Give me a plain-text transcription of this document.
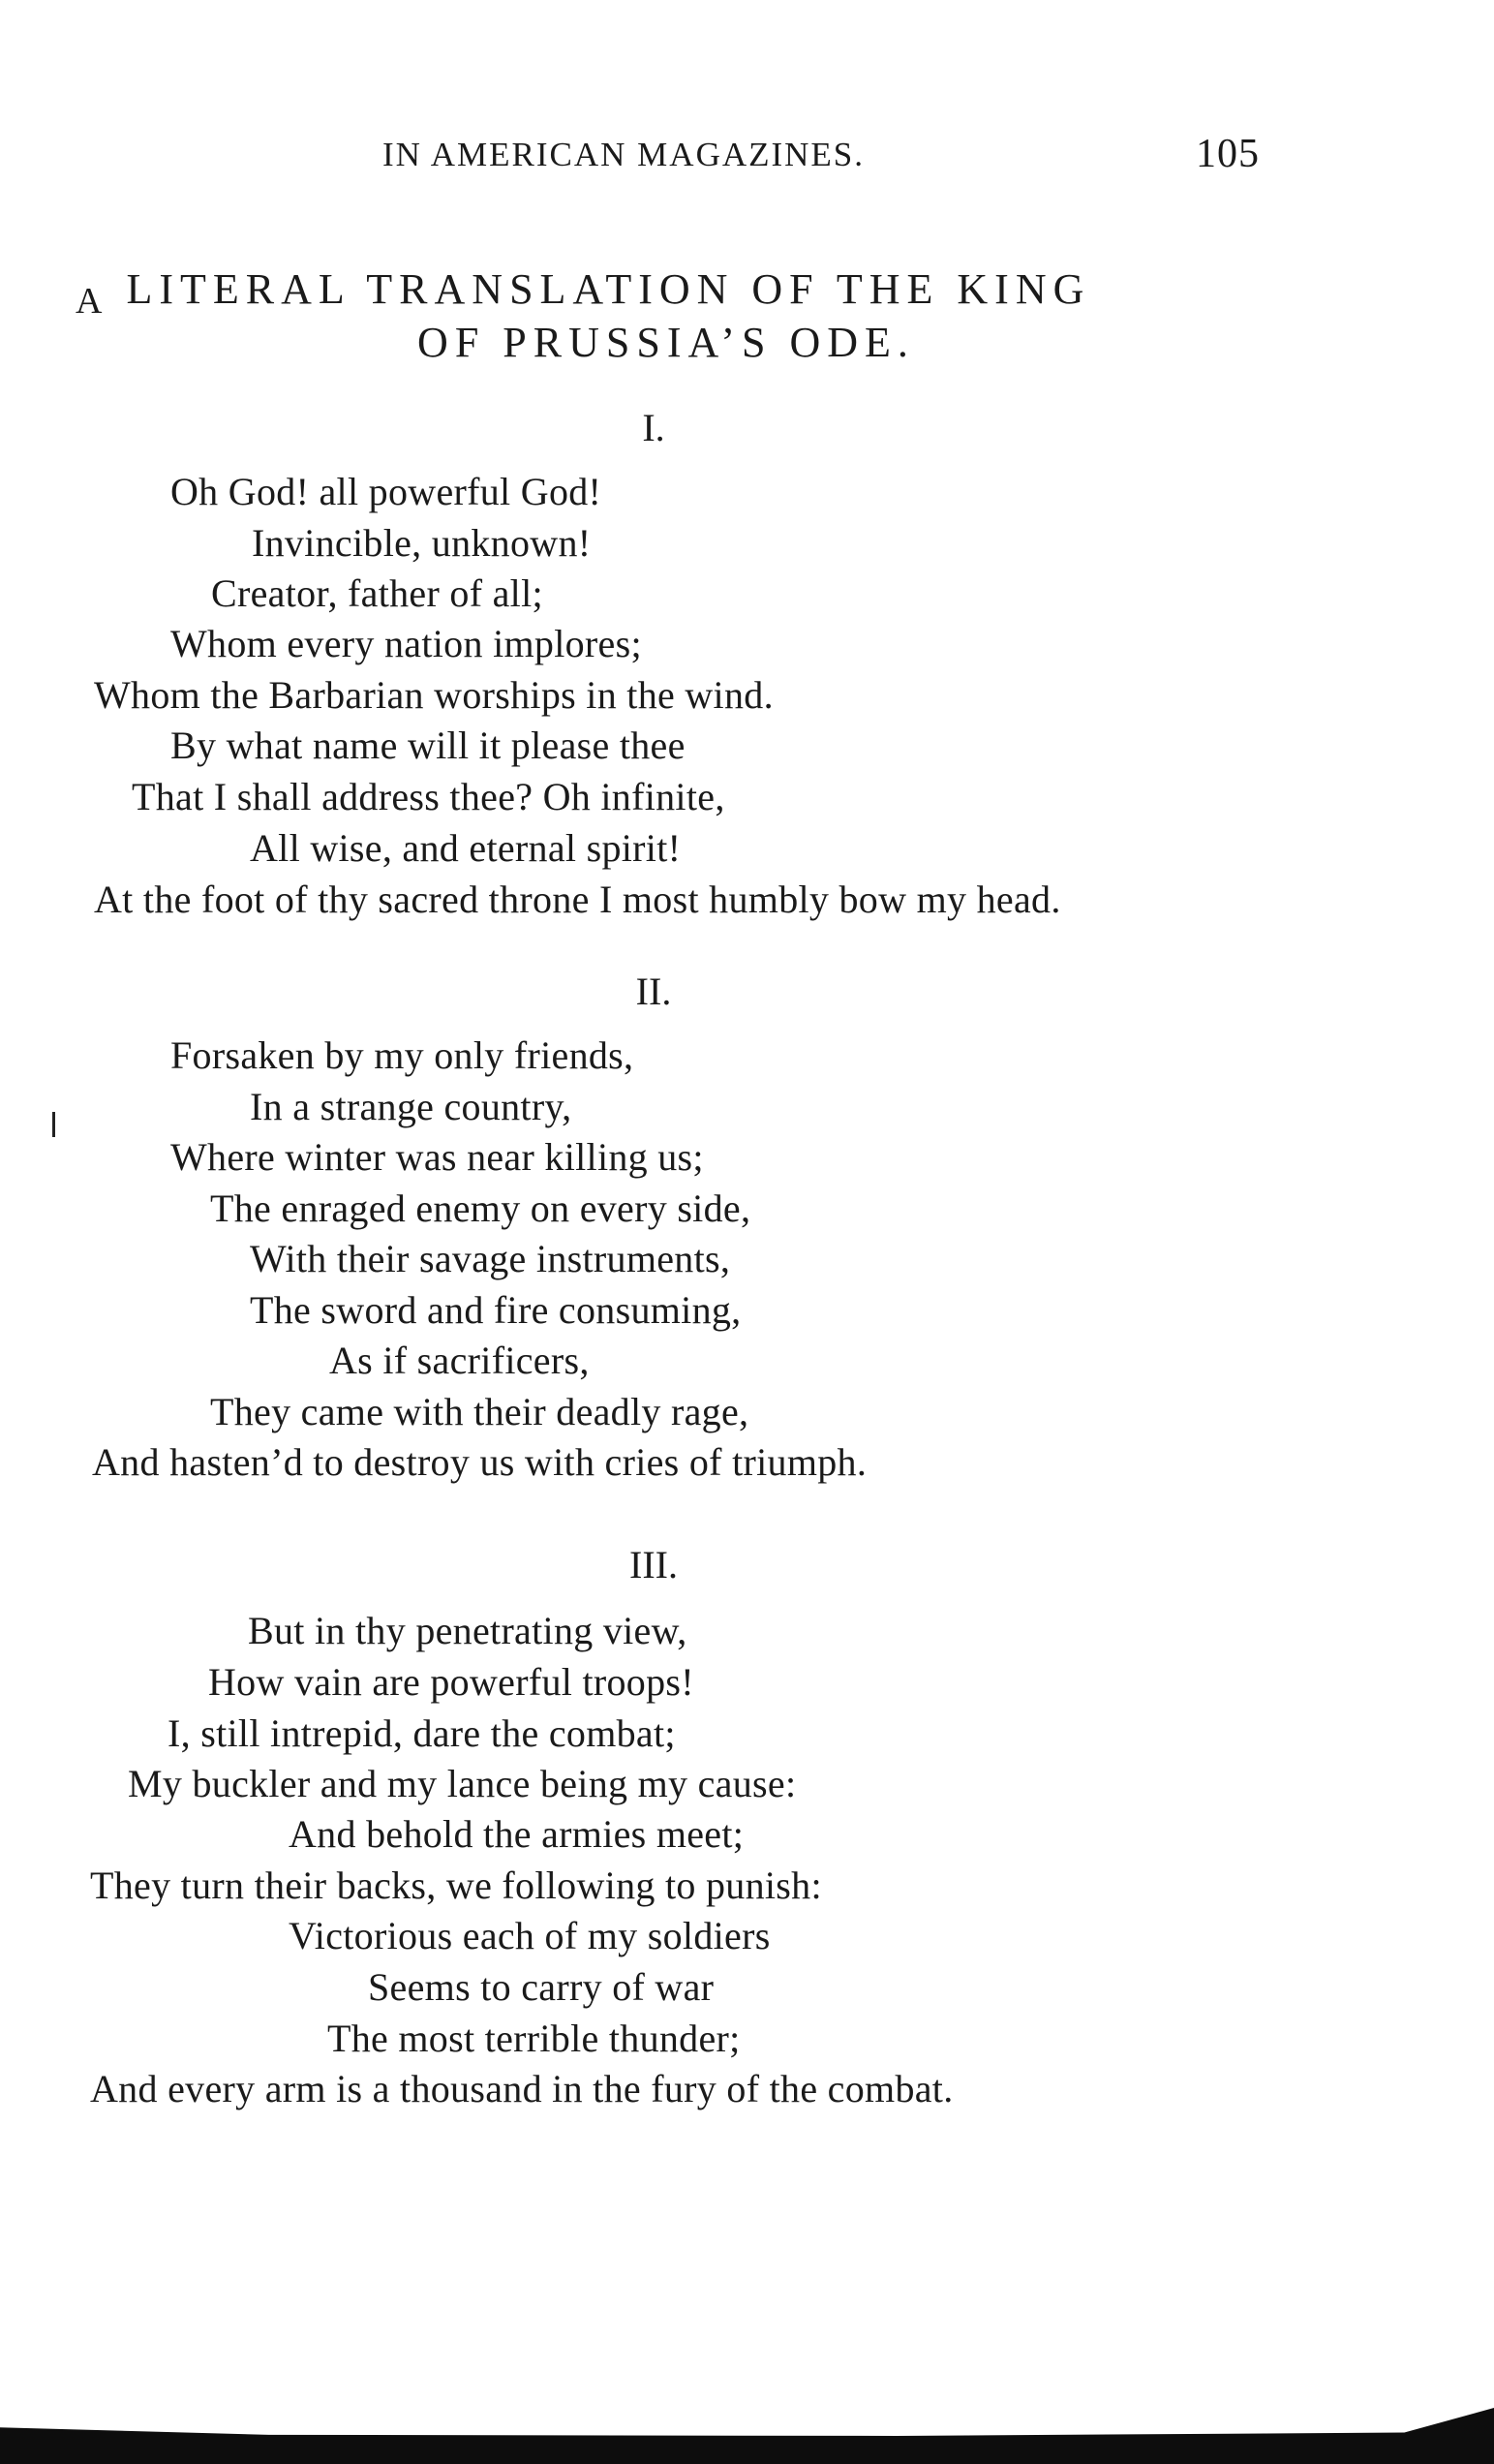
IN AMERICAN MAGAZINES.	105
A LITERAL TRANSLATION OF THE KING
OF PRUSSIA’S ODE.
I.
Oh God! all powerful God!
Invincible, unknown!
Creator, father of all;
Whom every nation implores;
Whom the Barbarian worships in the wind.
By what name will it please thee
That I shall address thee? Oh infinite,
All wise, and eternal spirit!
At the foot of thy sacred throne I most humbly bow my head.
II.
Forsaken by my only friends,
In a strange country,
Where winter was near killing us;
The enraged enemy on every side,
With their savage instruments,
The sword and fire consuming,
As if sacrificers,
They came with their deadly rage,
And hasten’d to destroy us with cries of triumph.
III.
But in thy penetrating view,
How vain are powerful troops!
I, still intrepid, dare the combat;
My buckler and my lance being my cause:
And behold the armies meet;
They turn their backs, we following to punish:
Victorious each of my soldiers
Seems to carry of war
The most terrible thunder;
And every arm is a thousand in the fury of the combat.
